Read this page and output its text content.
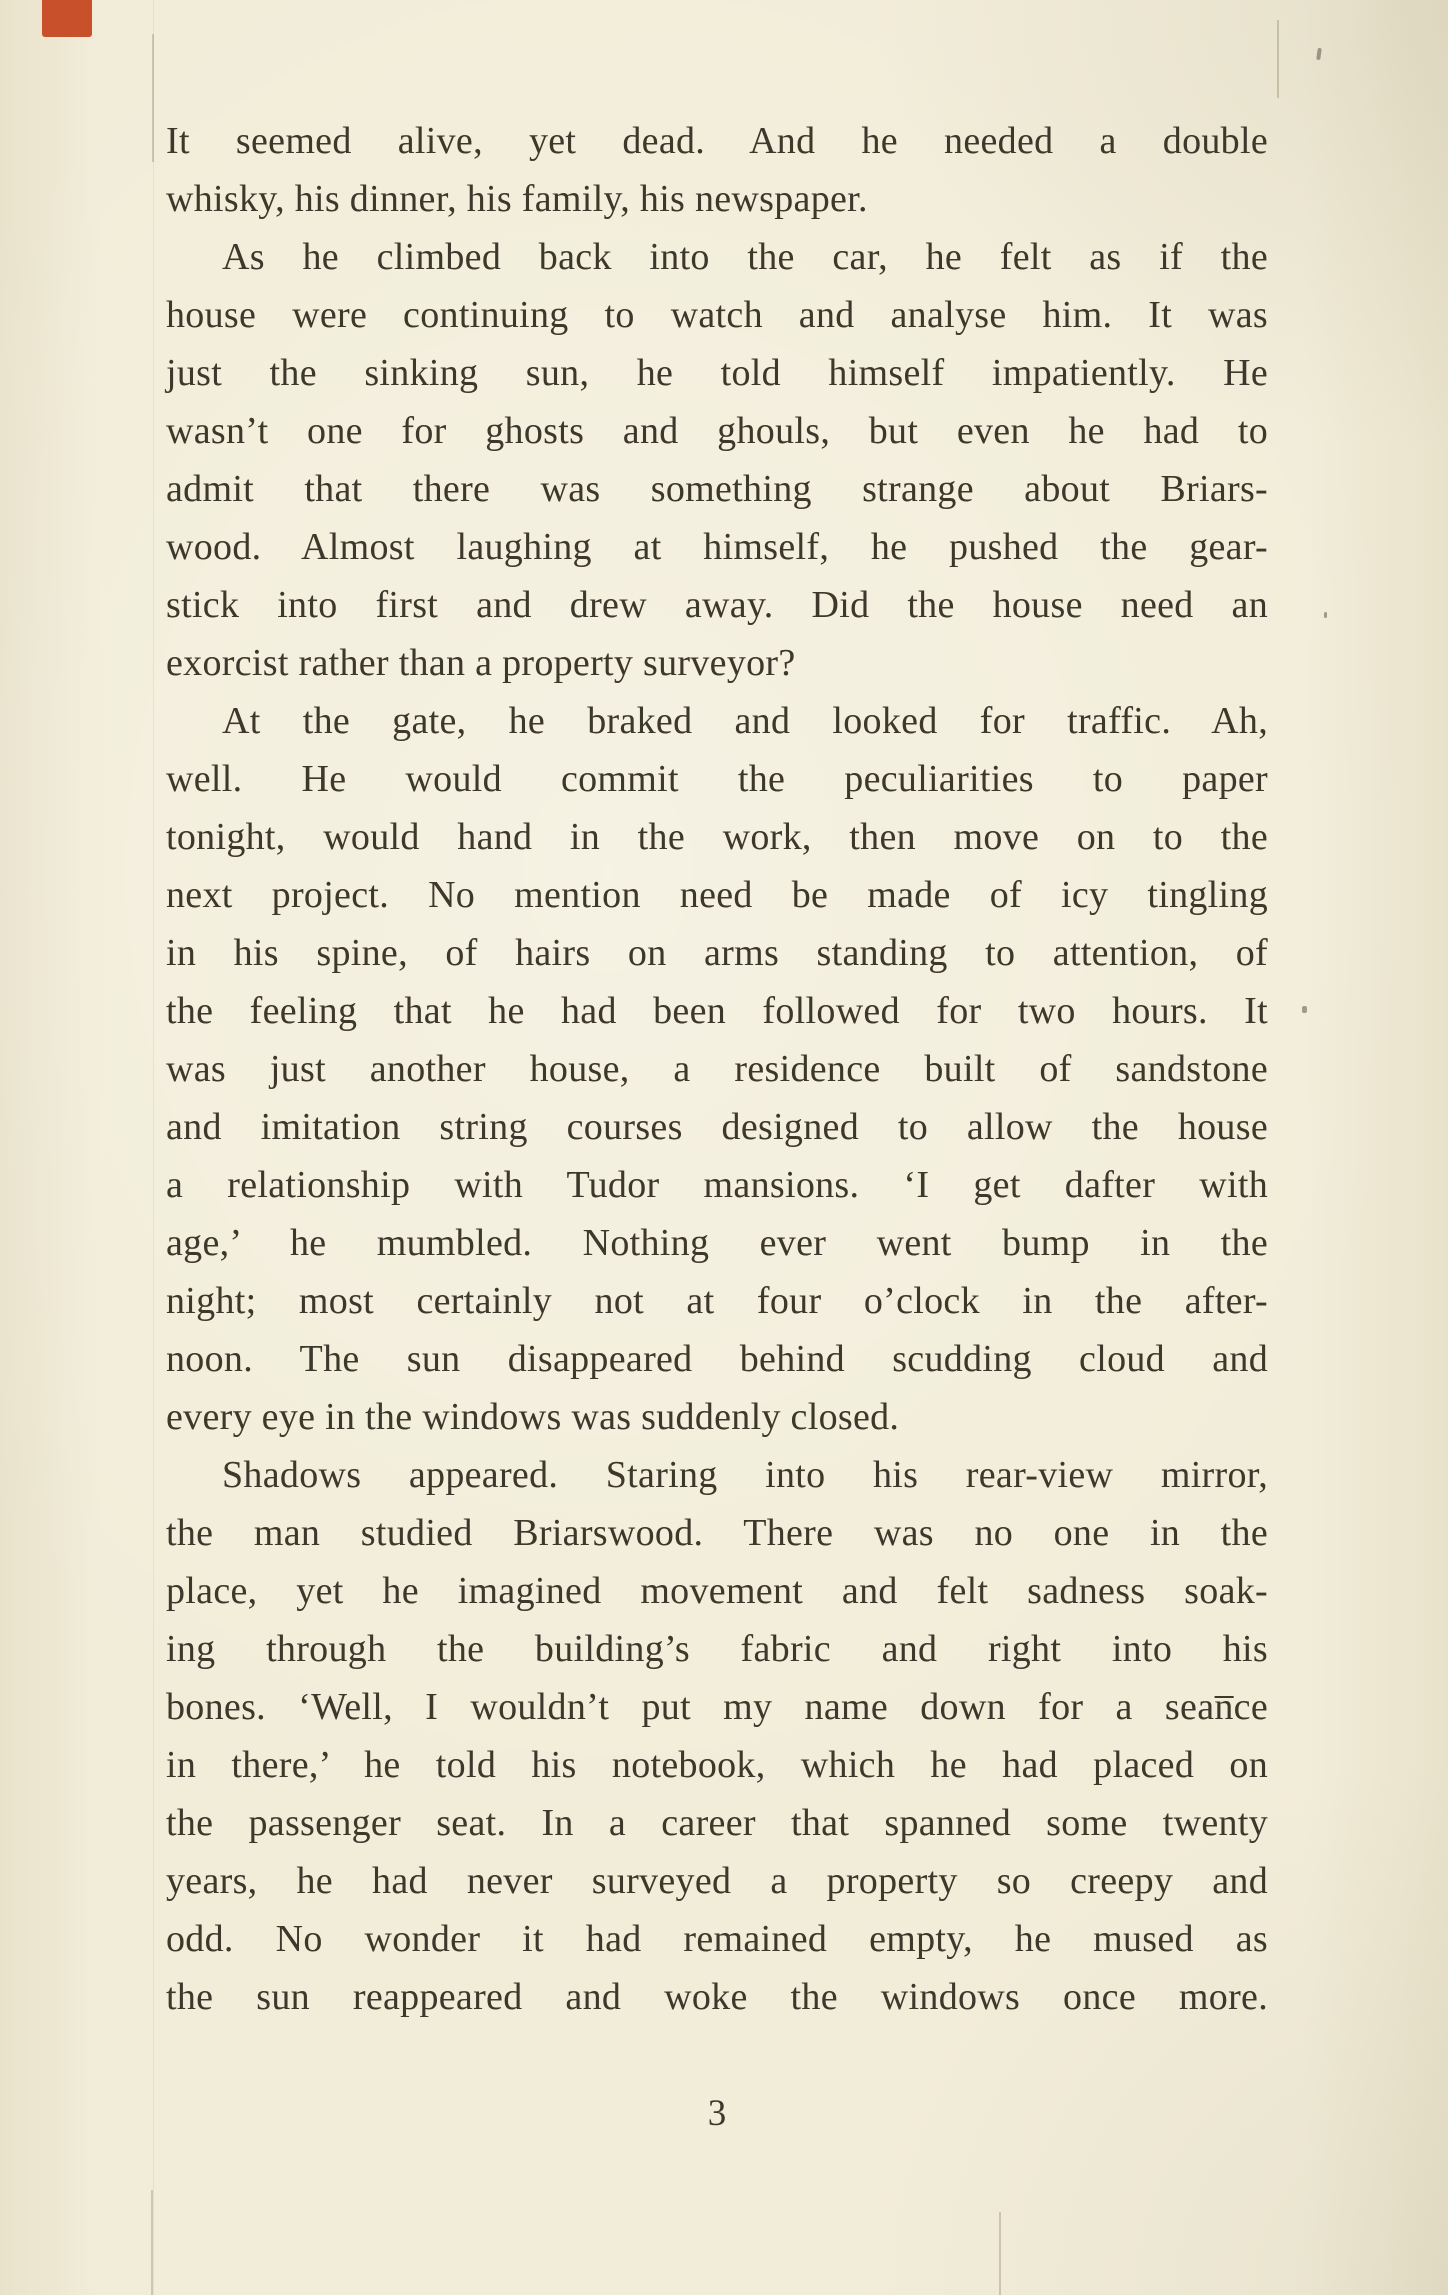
It seemed alive, yet dead. And he needed a double
whisky, his dinner, his family, his newspaper.
As he climbed back into the car, he felt as if the
house were continuing to watch and analyse him. It was
just the sinking sun, he told himself impatiently. He
wasn’t one for ghosts and ghouls, but even he had to
admit that there was something strange about Briars-
wood. Almost laughing at himself, he pushed the gear-
stick into first and drew away. Did the house need an
exorcist rather than a property surveyor?
At the gate, he braked and looked for traffic. Ah,
well. He would commit the peculiarities to paper
tonight, would hand in the work, then move on to the
next project. No mention need be made of icy tingling
in his spine, of hairs on arms standing to attention, of
the feeling that he had been followed for two hours. It
was just another house, a residence built of sandstone
and imitation string courses designed to allow the house
a relationship with Tudor mansions. ‘I get dafter with
age,’ he mumbled. Nothing ever went bump in the
night; most certainly not at four o’clock in the after-
noon. The sun disappeared behind scudding cloud and
every eye in the windows was suddenly closed.
Shadows appeared. Staring into his rear-view mirror,
the man studied Briarswood. There was no one in the
place, yet he imagined movement and felt sadness soak-
ing through the building’s fabric and right into his
bones. ‘Well, I wouldn’t put my name down for a sean̅ce
in there,’ he told his notebook, which he had placed on
the passenger seat. In a career that spanned some twenty
years, he had never surveyed a property so creepy and
odd. No wonder it had remained empty, he mused as
the sun reappeared and woke the windows once more.
3
